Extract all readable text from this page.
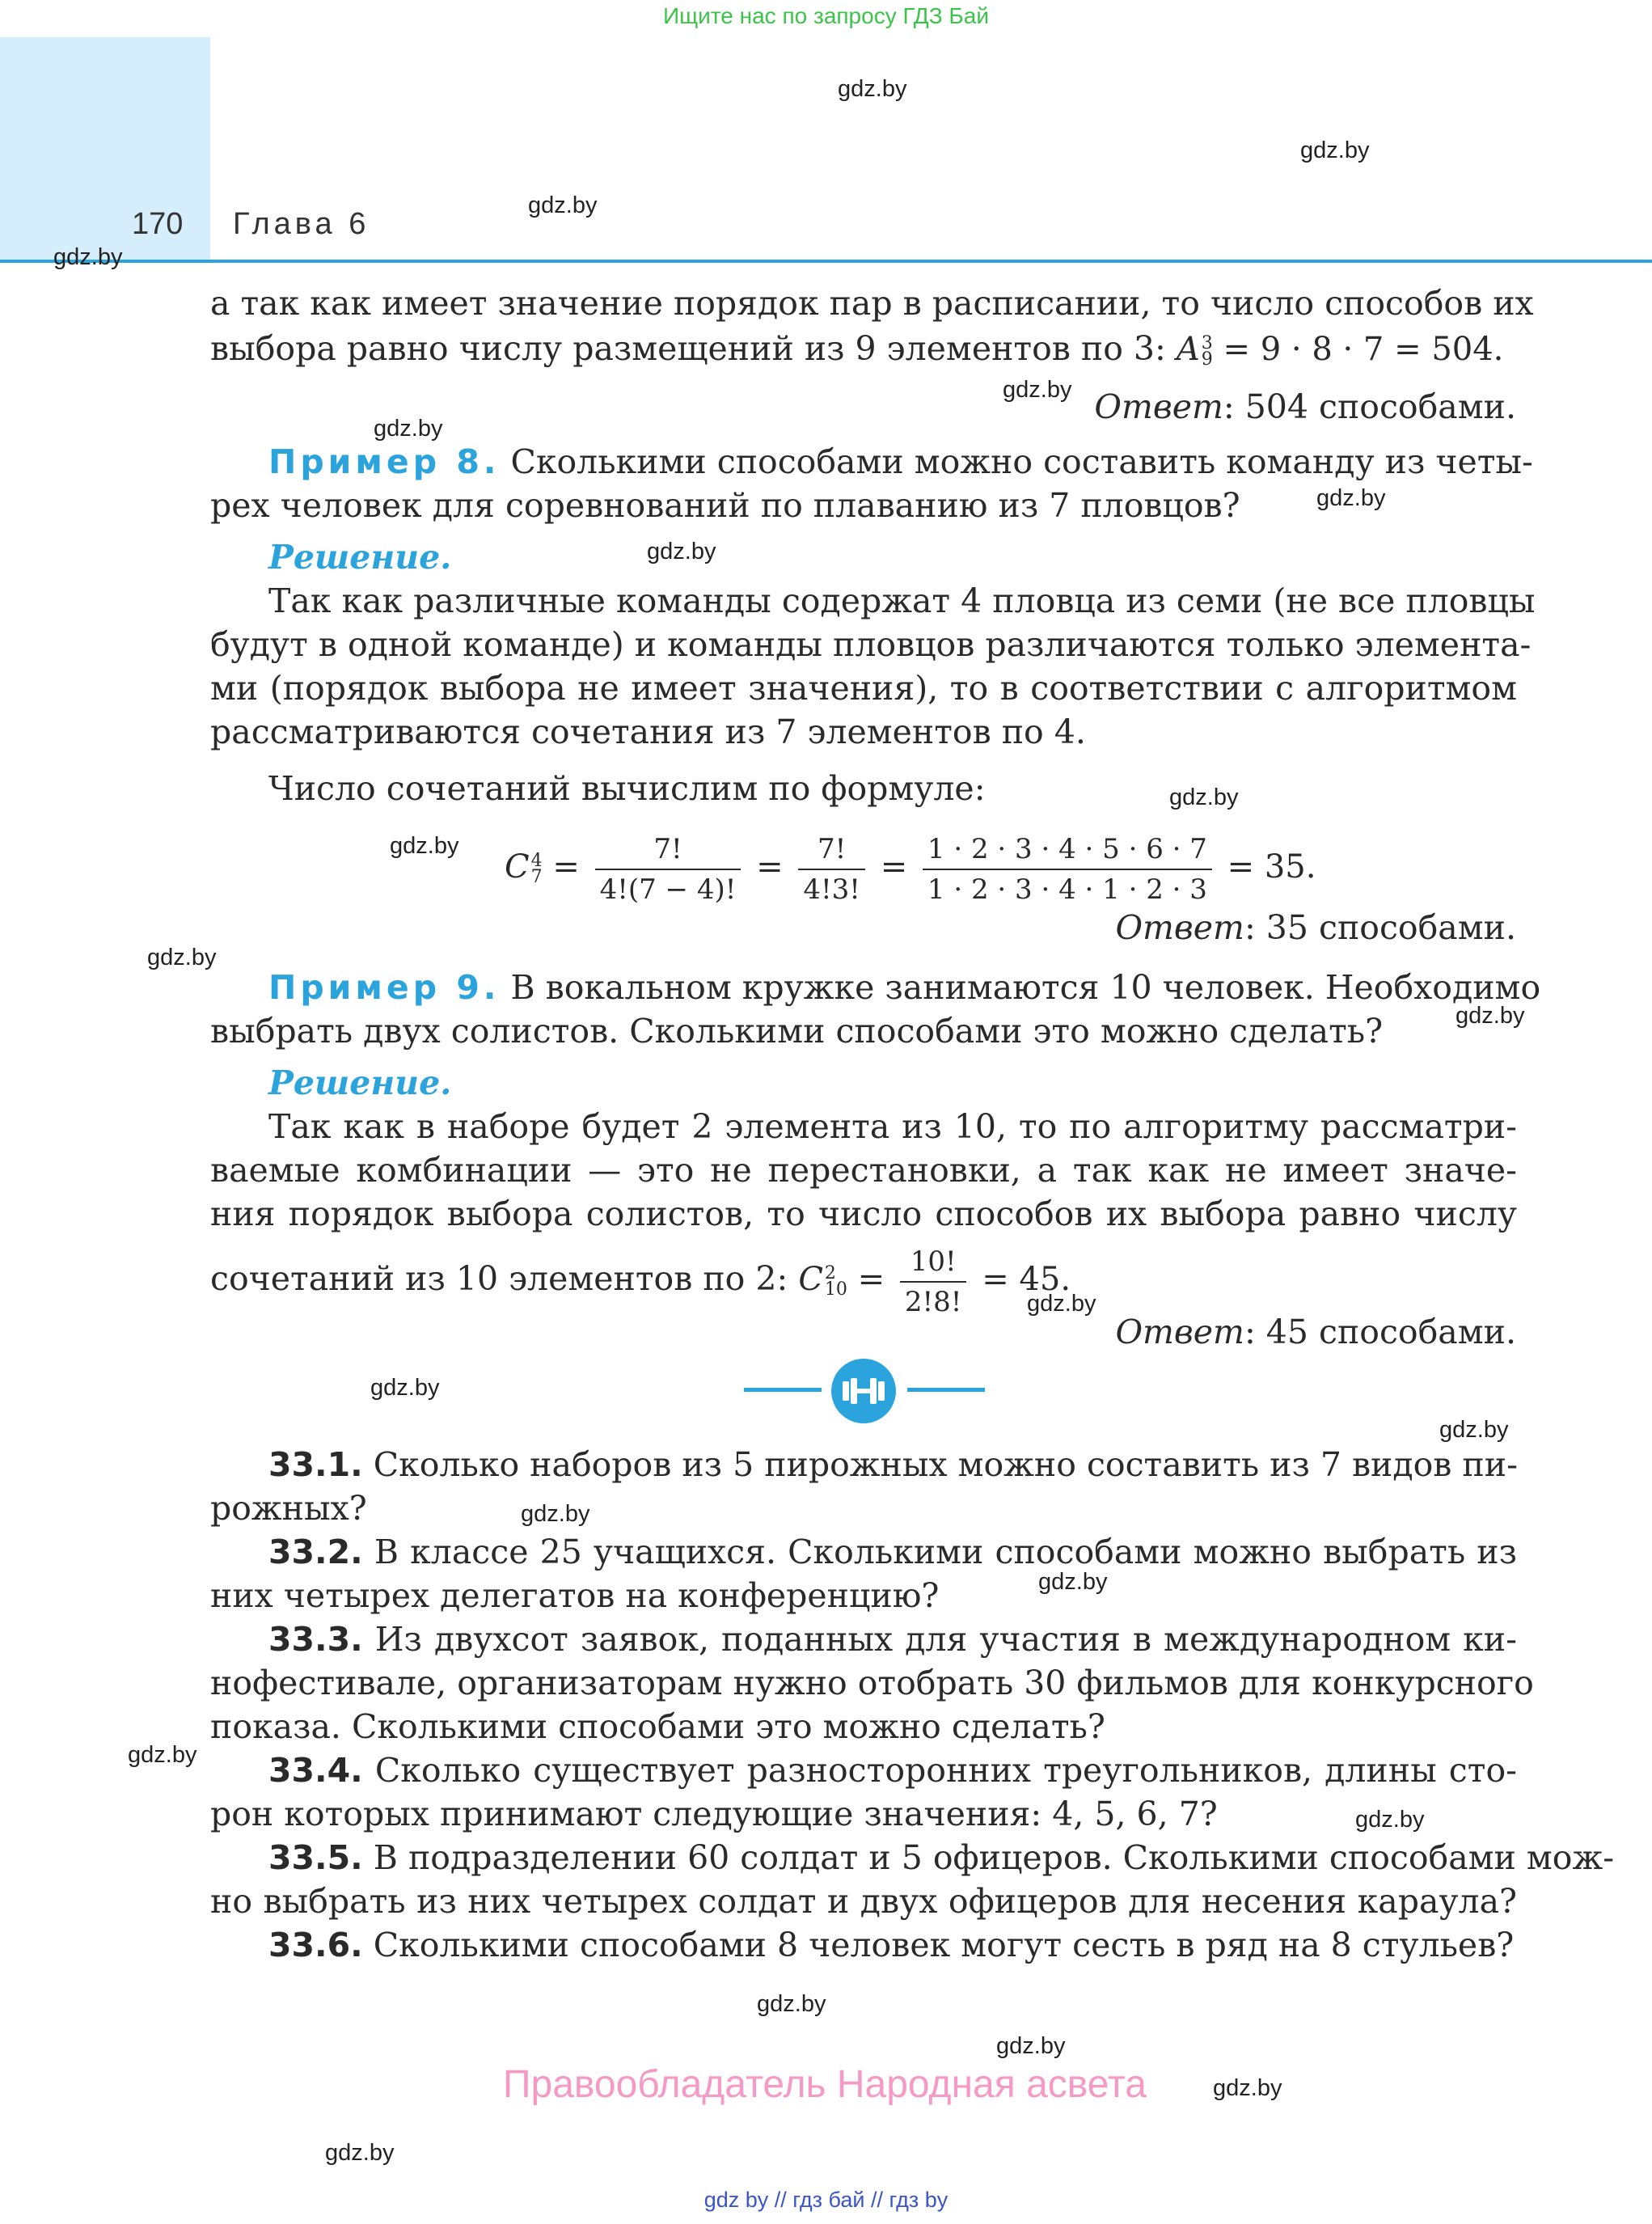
Ищите нас по запросу ГДЗ Бай
170 Глава 6
gdz.by
gdz.by
gdz.by
gdz.by
gdz.by
gdz.by
gdz.by
gdz.by
gdz.by
gdz.by
gdz.by
gdz.by
gdz.by
gdz.by
gdz.by
gdz.by
gdz.by
gdz.by
gdz.by
gdz.by
gdz.by
gdz.by
gdz.by
а так как имеет значение порядок пар в расписании, то число способов их
выбора равно числу размещений из 9 элементов по 3: A 3
9 = 9 · 8 · 7 = 504.
Ответ: 504 способами.
Пример 8. Сколькими способами можно составить команду из четы-
рех человек для соревнований по плаванию из 7 пловцов?
Решение.
Так как различные команды содержат 4 пловца из семи (не все пловцы
будут в одной команде) и команды пловцов различаются только элемента-
ми (порядок выбора не имеет значения), то в соответствии с алгоритмом
рассматриваются сочетания из 7 элементов по 4.
Число сочетаний вычислим по формуле:
C 4
$7 = \frac{7!}{4!(7 - 4)!} = \frac{7!}{4!3!} = \frac{1 \cdot 2 \cdot 3 \cdot 4 \cdot 5 \cdot 6 \cdot 7}{1 \cdot 2 \cdot 3 \cdot 4 \cdot 1 \cdot 2 \cdot 3} = 35$.
Ответ: 35 способами.
Пример 9. В вокальном кружке занимаются 10 человек. Необходимо
выбрать двух солистов. Сколькими способами это можно сделать?
Решение.
Так как в наборе будет 2 элемента из 10, то по алгоритму рассматри-
ваемые комбинации — это не перестановки, а так как не имеет значе-
ния порядок выбора солистов, то число способов их выбора равно числу
сочетаний из 10 элементов по 2: C 2
$10 = \frac{10!}{2!8!} = 45$.
Ответ: 45 способами.
33.1. Сколько наборов из 5 пирожных можно составить из 7 видов пи-
рожных?
33.2. В классе 25 учащихся. Сколькими способами можно выбрать из
них четырех делегатов на конференцию?
33.3. Из двухсот заявок, поданных для участия в международном ки-
нофестивале, организаторам нужно отобрать 30 фильмов для конкурсного
показа. Сколькими способами это можно сделать?
33.4. Сколько существует разносторонних треугольников, длины сто-
рон которых принимают следующие значения: 4, 5, 6, 7?
33.5. В подразделении 60 солдат и 5 офицеров. Сколькими способами мож-
но выбрать из них четырех солдат и двух офицеров для несения караула?
33.6. Сколькими способами 8 человек могут сесть в ряд на 8 стульев?
Правообладатель Народная асвета
gdz by // гдз бай // гдз by
